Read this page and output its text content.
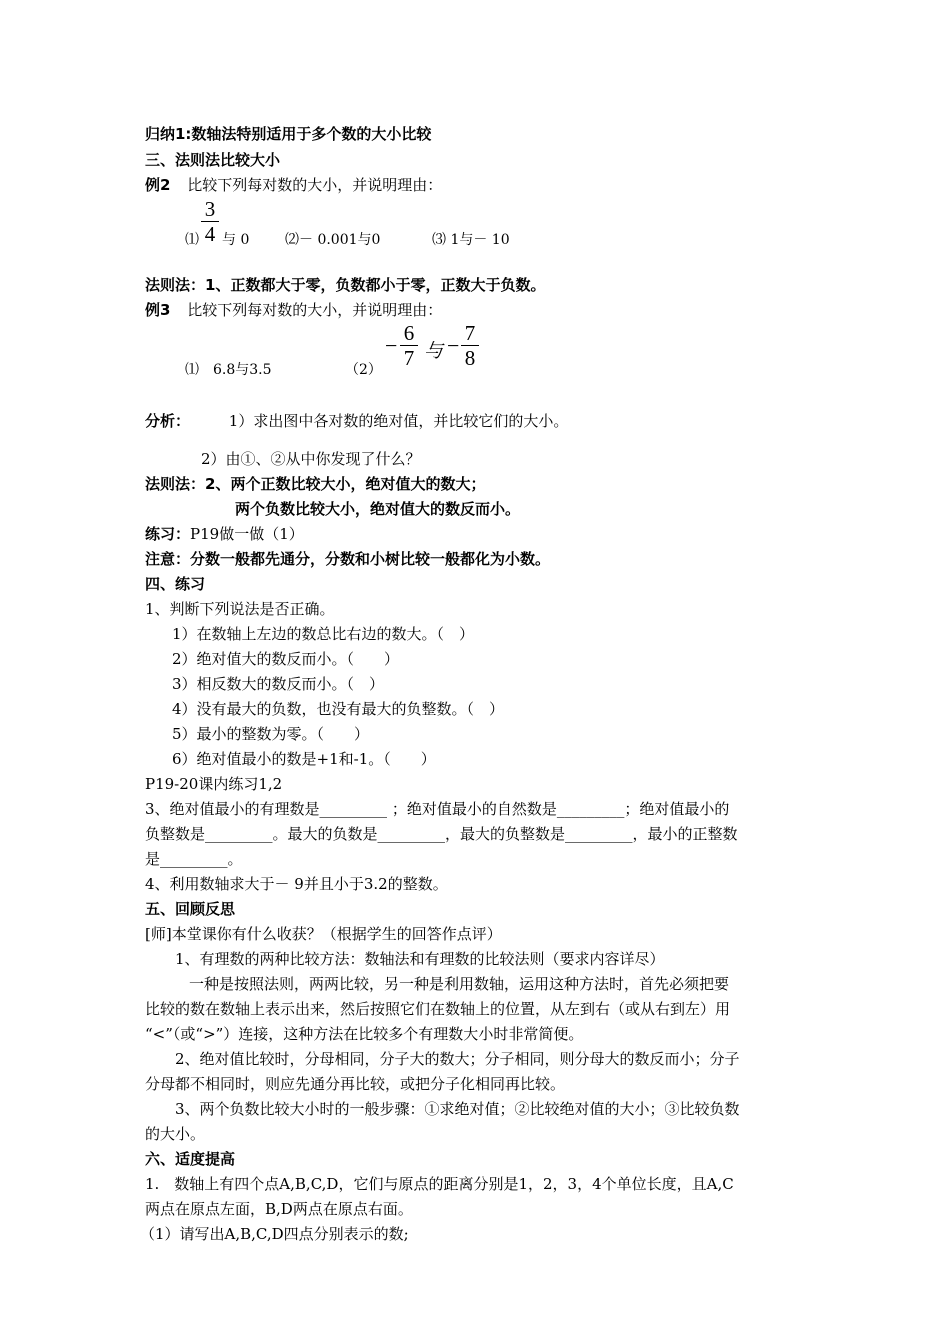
归纳1:数轴法特别适用于多个数的大小比较
三、法则法比较大小
例2 比较下列每对数的大小，并说明理由：
⑴
3
4 与 0	⑵－ 0.001与0	⑶ 1与－ 10
法则法：1、正数都大于零，负数都小于零，正数大于负数。
例3 比较下列每对数的大小，并说明理由：
⑴　6.8与3.5	（2）
− 6
7 与 − 7
8
分析：	1）求出图中各对数的绝对值，并比较它们的大小。
2）由①、②从中你发现了什么？
法则法：2、两个正数比较大小，绝对值大的数大；
两个负数比较大小，绝对值大的数反而小。
练习：P19做一做（1）
注意：分数一般都先通分，分数和小树比较一般都化为小数。
四、练习
1、判断下列说法是否正确。
1）在数轴上左边的数总比右边的数大。（　）
2）绝对值大的数反而小。（　　）
3）相反数大的数反而小。（　）
4）没有最大的负数，也没有最大的负整数。（　）
5）最小的整数为零。（　　）
6）绝对值最小的数是+1和-1。（　　）
P19-20课内练习1,2
3、绝对值最小的有理数是_________ ；绝对值最小的自然数是_________；绝对值最小的
负整数是_________。最大的负数是_________，最大的负整数是_________，最小的正整数
是_________。
4、利用数轴求大于－ 9并且小于3.2的整数。
五、回顾反思
[师]本堂课你有什么收获？（根据学生的回答作点评）
1、有理数的两种比较方法：数轴法和有理数的比较法则（要求内容详尽）
一种是按照法则，两两比较，另一种是利用数轴，运用这种方法时，首先必须把要
比较的数在数轴上表示出来，然后按照它们在数轴上的位置，从左到右（或从右到左）用
“<”（或“>”）连接，这种方法在比较多个有理数大小时非常简便。
2、绝对值比较时，分母相同，分子大的数大；分子相同，则分母大的数反而小；分子
分母都不相同时，则应先通分再比较，或把分子化相同再比较。
3、两个负数比较大小时的一般步骤：①求绝对值；②比较绝对值的大小；③比较负数
的大小。
六、适度提高
1.　数轴上有四个点A,B,C,D，它们与原点的距离分别是1，2，3，4个单位长度，且A,C
两点在原点左面，B,D两点在原点右面。
（1）请写出A,B,C,D四点分别表示的数;
